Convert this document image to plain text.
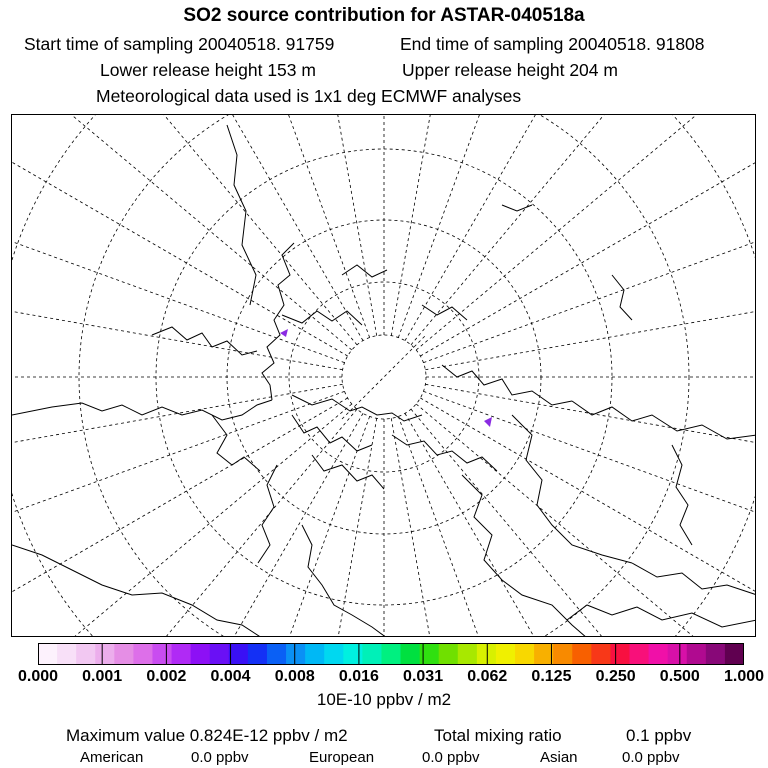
SO2 source contribution for ASTAR-040518a
Start time of sampling 20040518. 91759	End time of sampling 20040518. 91808
Lower release height 153 m	Upper release height 204 m
Meteorological data used is 1x1 deg ECMWF analyses
0.000 0.001 0.002 0.004 0.008 0.016 0.031 0.062 0.125 0.250 0.500 1.000
10E-10 ppbv / m2
Maximum value 0.824E-12 ppbv / m2	Total mixing ratio	0.1 ppbv
American	0.0 ppbv	European	0.0 ppbv	Asian	0.0 ppbv
